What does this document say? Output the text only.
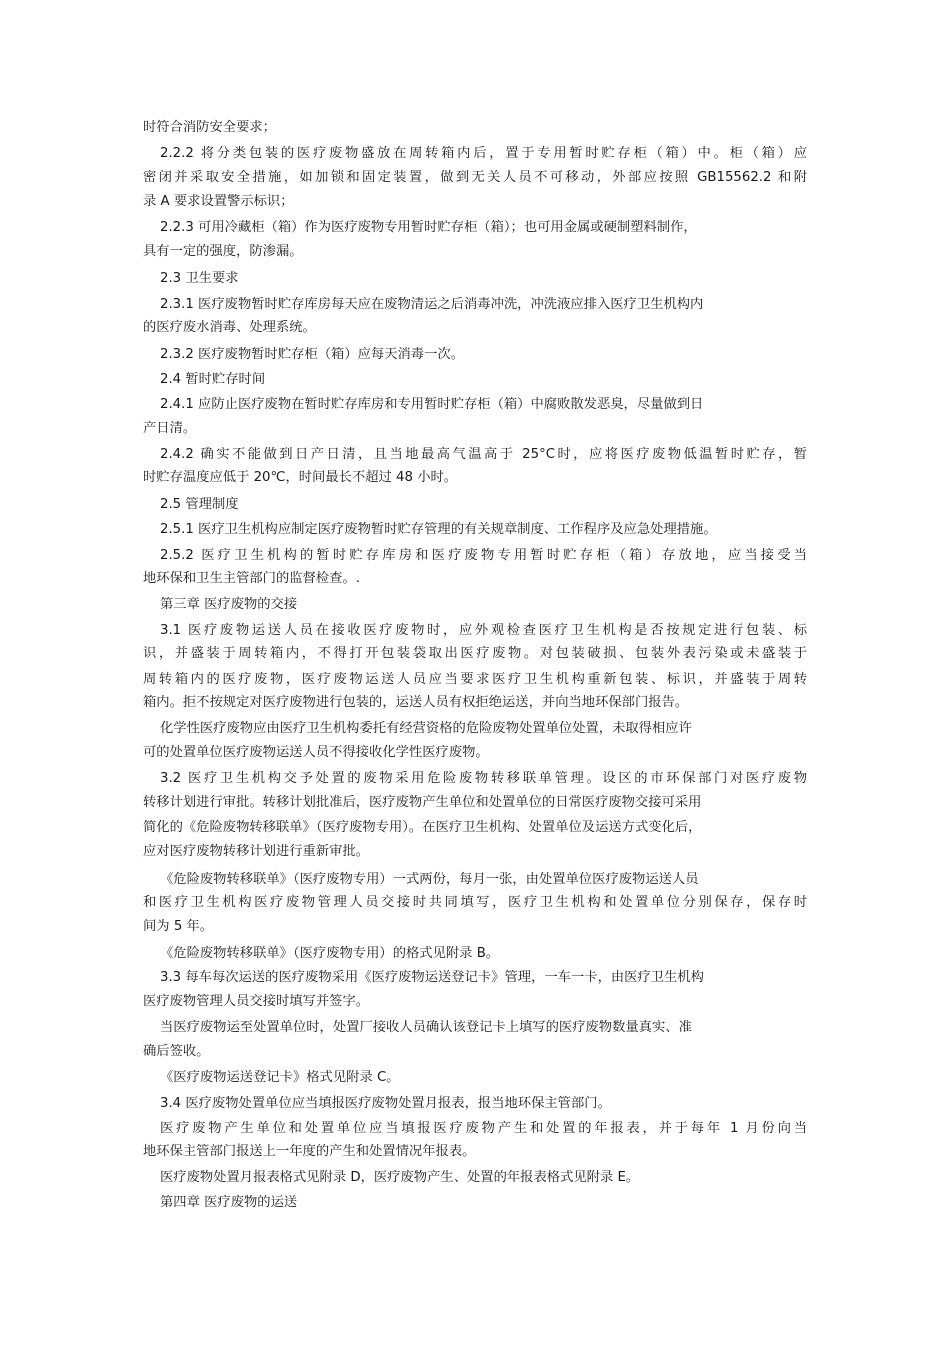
时符合消防安全要求；
2.2.2 将分类包装的医疗废物盛放在周转箱内后，置于专用暂时贮存柜（箱）中。柜（箱）应
密闭并采取安全措施，如加锁和固定装置，做到无关人员不可移动，外部应按照 GB15562.2 和附
录 A 要求设置警示标识；
2.2.3 可用冷藏柜（箱）作为医疗废物专用暂时贮存柜（箱）；也可用金属或硬制塑料制作，
具有一定的强度，防渗漏。
2.3 卫生要求
2.3.1 医疗废物暂时贮存库房每天应在废物清运之后消毒冲洗，冲洗液应排入医疗卫生机构内
的医疗废水消毒、处理系统。
2.3.2 医疗废物暂时贮存柜（箱）应每天消毒一次。
2.4 暂时贮存时间
2.4.1 应防止医疗废物在暂时贮存库房和专用暂时贮存柜（箱）中腐败散发恶臭，尽量做到日
产日清。
2.4.2 确实不能做到日产日清，且当地最高气温高于 25°C时，应将医疗废物低温暂时贮存，暂
时贮存温度应低于 20℃，时间最长不超过 48 小时。
2.5 管理制度
2.5.1 医疗卫生机构应制定医疗废物暂时贮存管理的有关规章制度、工作程序及应急处理措施。
2.5.2 医疗卫生机构的暂时贮存库房和医疗废物专用暂时贮存柜（箱）存放地，应当接受当
地环保和卫生主管部门的监督检查。.
第三章 医疗废物的交接
3.1 医疗废物运送人员在接收医疗废物时，应外观检查医疗卫生机构是否按规定进行包装、标
识，并盛装于周转箱内，不得打开包装袋取出医疗废物。对包装破损、包装外表污染或未盛装于
周转箱内的医疗废物，医疗废物运送人员应当要求医疗卫生机构重新包装、标识，并盛装于周转
箱内。拒不按规定对医疗废物进行包装的，运送人员有权拒绝运送，并向当地环保部门报告。
化学性医疗废物应由医疗卫生机构委托有经营资格的危险废物处置单位处置，未取得相应许
可的处置单位医疗废物运送人员不得接收化学性医疗废物。
3.2 医疗卫生机构交予处置的废物采用危险废物转移联单管理。设区的市环保部门对医疗废物
转移计划进行审批。转移计划批准后，医疗废物产生单位和处置单位的日常医疗废物交接可采用
简化的《危险废物转移联单》（医疗废物专用）。在医疗卫生机构、处置单位及运送方式变化后，
应对医疗废物转移计划进行重新审批。
《危险废物转移联单》（医疗废物专用）一式两份，每月一张，由处置单位医疗废物运送人员
和医疗卫生机构医疗废物管理人员交接时共同填写，医疗卫生机构和处置单位分别保存，保存时
间为 5 年。
《危险废物转移联单》（医疗废物专用）的格式见附录 B。
3.3 每车每次运送的医疗废物采用《医疗废物运送登记卡》管理，一车一卡，由医疗卫生机构
医疗废物管理人员交接时填写并签字。
当医疗废物运至处置单位时，处置厂接收人员确认该登记卡上填写的医疗废物数量真实、准
确后签收。
《医疗废物运送登记卡》格式见附录 C。
3.4 医疗废物处置单位应当填报医疗废物处置月报表，报当地环保主管部门。
医疗废物产生单位和处置单位应当填报医疗废物产生和处置的年报表，并于每年 1 月份向当
地环保主管部门报送上一年度的产生和处置情况年报表。
医疗废物处置月报表格式见附录 D，医疗废物产生、处置的年报表格式见附录 E。
第四章 医疗废物的运送
